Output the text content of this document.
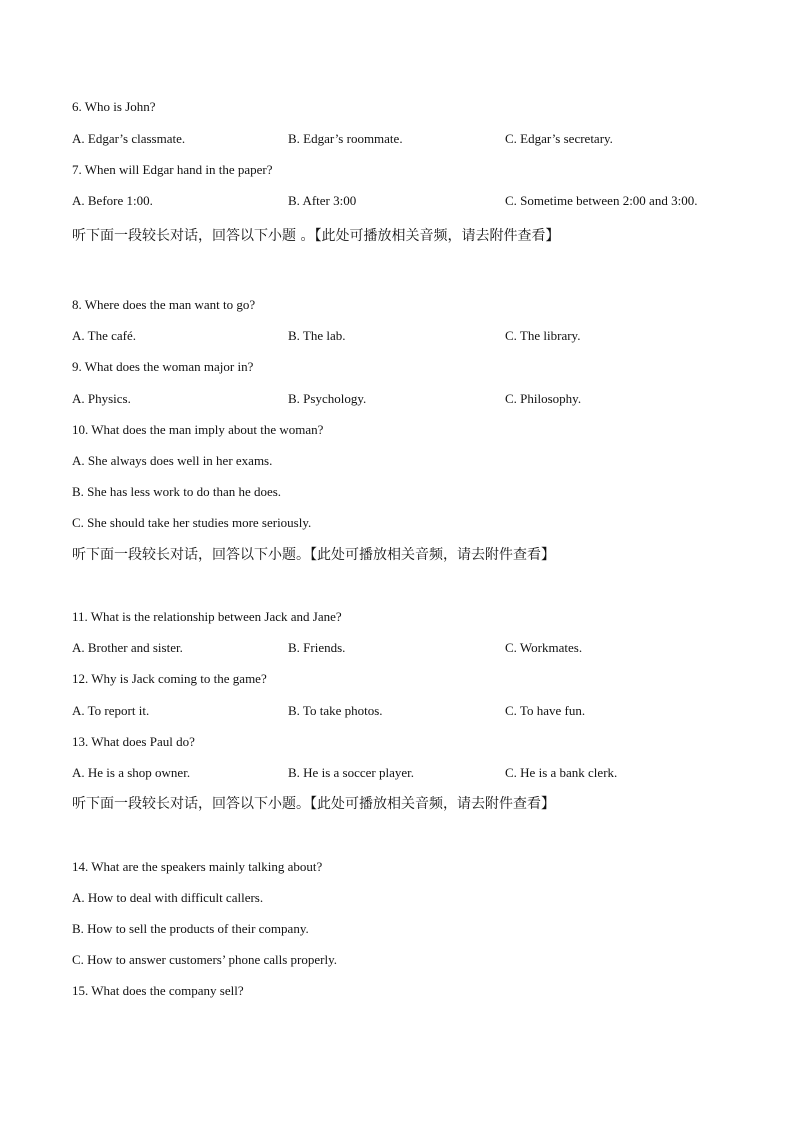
6. Who is John?
A. Edgar’s classmate.	B. Edgar’s roommate.	C. Edgar’s secretary.
7. When will Edgar hand in the paper?
A. Before 1:00.	B. After 3:00	C. Sometime between 2:00 and 3:00.
听下面一段较长对话，回答以下小题 。【此处可播放相关音频，请去附件查看】
8. Where does the man want to go?
A. The café.	B. The lab.	C. The library.
9. What does the woman major in?
A. Physics.	B. Psychology.	C. Philosophy.
10. What does the man imply about the woman?
A. She always does well in her exams.
B. She has less work to do than he does.
C. She should take her studies more seriously.
听下面一段较长对话，回答以下小题。【此处可播放相关音频，请去附件查看】
11. What is the relationship between Jack and Jane?
A. Brother and sister.	B. Friends.	C. Workmates.
12. Why is Jack coming to the game?
A. To report it.	B. To take photos.	C. To have fun.
13. What does Paul do?
A. He is a shop owner.	B. He is a soccer player.	C. He is a bank clerk.
听下面一段较长对话，回答以下小题。【此处可播放相关音频，请去附件查看】
14. What are the speakers mainly talking about?
A. How to deal with difficult callers.
B. How to sell the products of their company.
C. How to answer customers’ phone calls properly.
15. What does the company sell?
